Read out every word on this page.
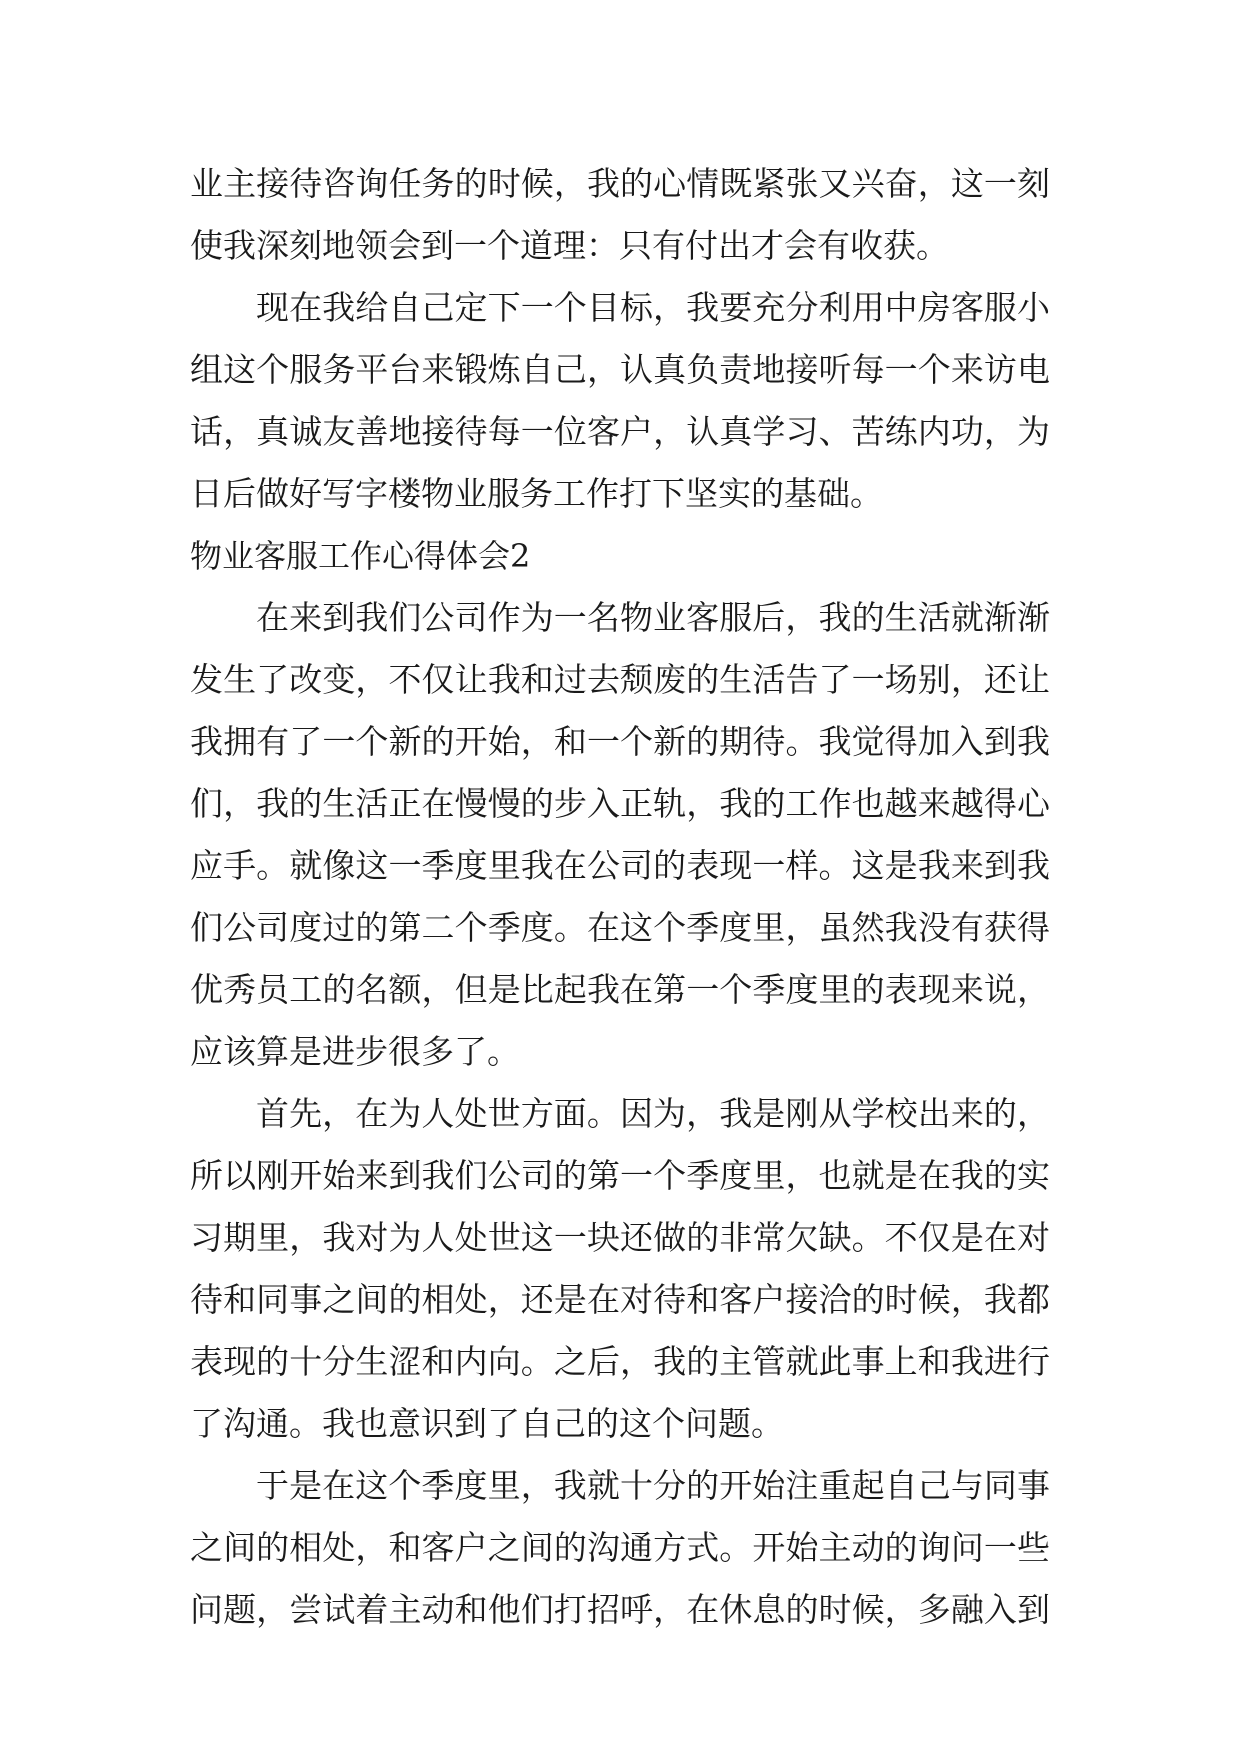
业主接待咨询任务的时候，我的心情既紧张又兴奋，这一刻
使我深刻地领会到一个道理：只有付出才会有收获。
现在我给自己定下一个目标，我要充分利用中房客服小
组这个服务平台来锻炼自己，认真负责地接听每一个来访电
话，真诚友善地接待每一位客户，认真学习、苦练内功，为
日后做好写字楼物业服务工作打下坚实的基础。
物业客服工作心得体会2
在来到我们公司作为一名物业客服后，我的生活就渐渐
发生了改变，不仅让我和过去颓废的生活告了一场别，还让
我拥有了一个新的开始，和一个新的期待。我觉得加入到我
们，我的生活正在慢慢的步入正轨，我的工作也越来越得心
应手。就像这一季度里我在公司的表现一样。这是我来到我
们公司度过的第二个季度。在这个季度里，虽然我没有获得
优秀员工的名额，但是比起我在第一个季度里的表现来说，
应该算是进步很多了。
首先，在为人处世方面。因为，我是刚从学校出来的，
所以刚开始来到我们公司的第一个季度里，也就是在我的实
习期里，我对为人处世这一块还做的非常欠缺。不仅是在对
待和同事之间的相处，还是在对待和客户接洽的时候，我都
表现的十分生涩和内向。之后，我的主管就此事上和我进行
了沟通。我也意识到了自己的这个问题。
于是在这个季度里，我就十分的开始注重起自己与同事
之间的相处，和客户之间的沟通方式。开始主动的询问一些
问题，尝试着主动和他们打招呼，在休息的时候，多融入到
